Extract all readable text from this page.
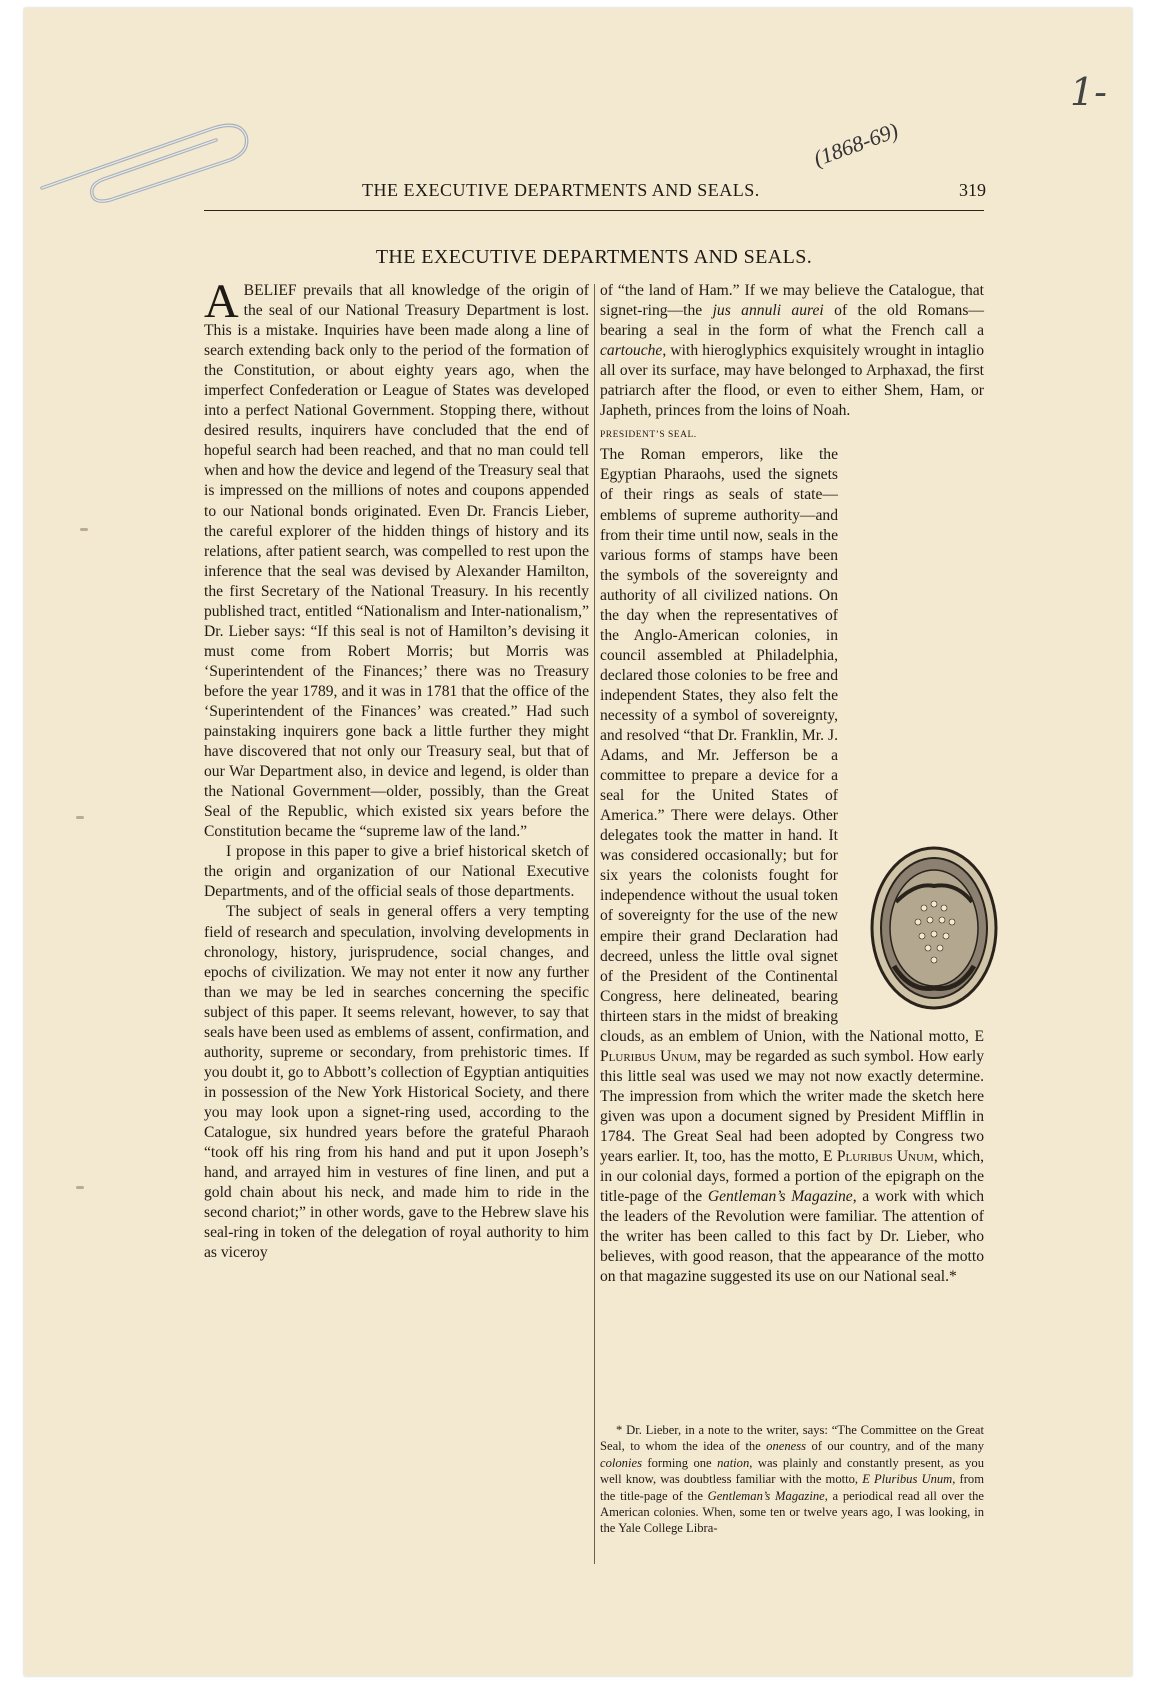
1-
THE EXECUTIVE DEPARTMENTS AND SEALS.
(1868-69)
319
THE EXECUTIVE DEPARTMENTS AND SEALS.

ABELIEF prevails that all knowledge of the origin of the seal of our National Treasury Department is lost. This is a mistake. Inquiries have been made along a line of search extending back only to the period of the formation of the Constitution, or about eighty years ago, when the imperfect Confederation or League of States was developed into a perfect National Government. Stopping there, without desired results, inquirers have concluded that the end of hopeful search had been reached, and that no man could tell when and how the device and legend of the Treasury seal that is impressed on the millions of notes and coupons appended to our National bonds originated. Even Dr. Francis Lieber, the careful explorer of the hidden things of history and its relations, after patient search, was compelled to rest upon the inference that the seal was devised by Alexander Hamilton, the first Secretary of the National Treasury. In his recently published tract, entitled “Nationalism and Inter-nationalism,” Dr. Lieber says: “If this seal is not of Hamilton’s devising it must come from Robert Morris; but Morris was ‘Superintendent of the Finances;’ there was no Treasury before the year 1789, and it was in 1781 that the office of the ‘Superintendent of the Finances’ was created.” Had such painstaking inquirers gone back a little further they might have discovered that not only our Treasury seal, but that of our War Department also, in device and legend, is older than the National Government—older, possibly, than the Great Seal of the Republic, which existed six years before the Constitution became the “supreme law of the land.”

I propose in this paper to give a brief historical sketch of the origin and organization of our National Executive Departments, and of the official seals of those departments.

The subject of seals in general offers a very tempting field of research and speculation, involving developments in chronology, history, jurisprudence, social changes, and epochs of civilization. We may not enter it now any further than we may be led in searches concerning the specific subject of this paper. It seems relevant, however, to say that seals have been used as emblems of assent, confirmation, and authority, supreme or secondary, from prehistoric times. If you doubt it, go to Abbott’s collection of Egyptian antiquities in possession of the New York Historical Society, and there you may look upon a signet-ring used, according to the Catalogue, six hundred years before the grateful Pharaoh “took off his ring from his hand and put it upon Joseph’s hand, and arrayed him in vestures of fine linen, and put a gold chain about his neck, and made him to ride in the second chariot;” in other words, gave to the Hebrew slave his seal-ring in token of the delegation of royal authority to him as viceroy

of “the land of Ham.” If we may believe the Catalogue, that signet-ring—the jus annuli aurei of the old Romans—bearing a seal in the form of what the French call a cartouche, with hieroglyphics exquisitely wrought in intaglio all over its surface, may have belonged to Arphaxad, the first patriarch after the flood, or even to either Shem, Ham, or Japheth, princes from the loins of Noah.

PRESIDENT’S SEAL.
The Roman emperors, like the Egyptian Pharaohs, used the signets of their rings as seals of state—emblems of supreme authority—and from their time until now, seals in the various forms of stamps have been the symbols of the sovereignty and authority of all civilized nations. On the day when the representatives of the Anglo-American colonies, in council assembled at Philadelphia, declared those colonies to be free and independent States, they also felt the necessity of a symbol of sovereignty, and resolved “that Dr. Franklin, Mr. J. Adams, and Mr. Jefferson be a committee to prepare a device for a seal for the United States of America.” There were delays. Other delegates took the matter in hand. It was considered occasionally; but for six years the colonists fought for independence without the usual token of sovereignty for the use of the new empire their grand Declaration had decreed, unless the little oval signet of the President of the Continental Congress, here delineated, bearing thirteen stars in the midst of breaking clouds, as an emblem of Union, with the National motto, E Pluribus Unum, may be regarded as such symbol. How early this little seal was used we may not now exactly determine. The impression from which the writer made the sketch here given was upon a document signed by President Mifflin in 1784. The Great Seal had been adopted by Congress two years earlier. It, too, has the motto, E Pluribus Unum, which, in our colonial days, formed a portion of the epigraph on the title-page of the Gentleman’s Magazine, a work with which the leaders of the Revolution were familiar. The attention of the writer has been called to this fact by Dr. Lieber, who believes, with good reason, that the appearance of the motto on that magazine suggested its use on our National seal.*

* Dr. Lieber, in a note to the writer, says: “The Committee on the Great Seal, to whom the idea of the oneness of our country, and of the many colonies forming one nation, was plainly and constantly present, as you well know, was doubtless familiar with the motto, E Pluribus Unum, from the title-page of the Gentleman’s Magazine, a periodical read all over the American colonies. When, some ten or twelve years ago, I was looking, in the Yale College Libra-
